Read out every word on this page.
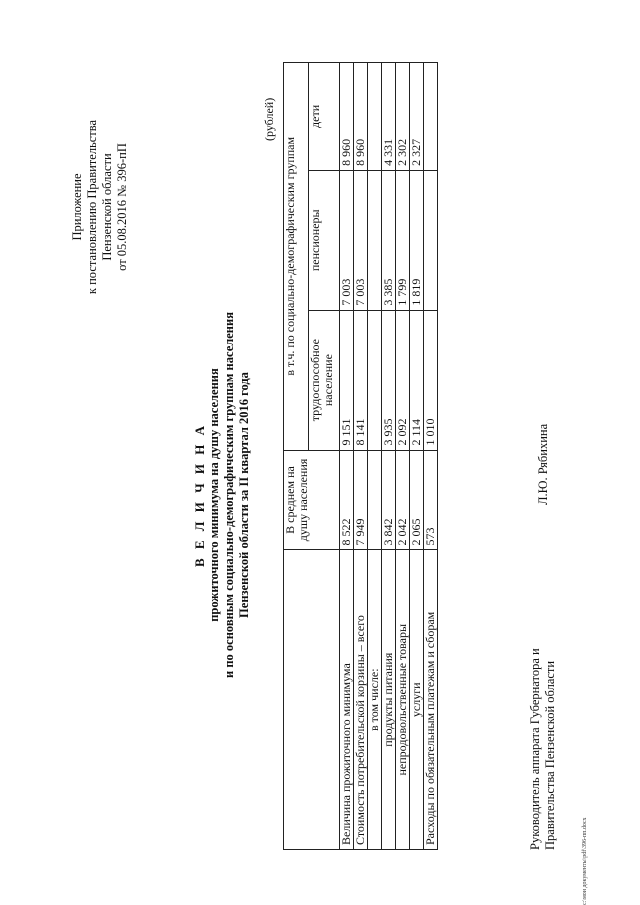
Приложение к постановлению Правительства Пензенской области от 05.08.2016 № 396-пП
В Е Л И Ч И Н А прожиточного минимума на душу населения и по основным социально-демографическим группам населения Пензенской области за II квартал 2016 года
(рублей)
	В среднем на душу населения	в т.ч. по социально-демографическим группам		
		трудоспособное население	пенсионеры	дети
Величина прожиточного минимума	8 522	9 151	7 003	8 960
Стоимость потребительской корзины – всего	7 949	8 141	7 003	8 960
в том числе:				
продукты питания	3 842	3 935	3 385	4 331
непродовольственные товары	2 042	2 092	1 799	2 302
услуги	2 065	2 114	1 819	2 327
Расходы по обязательным платежам и сборам	573	1 010		
Руководитель аппарата Губернатора и Правительства Пензенской области
Л.Ю. Рябихина
c:\мои документы\pdf\396-пп.docx
